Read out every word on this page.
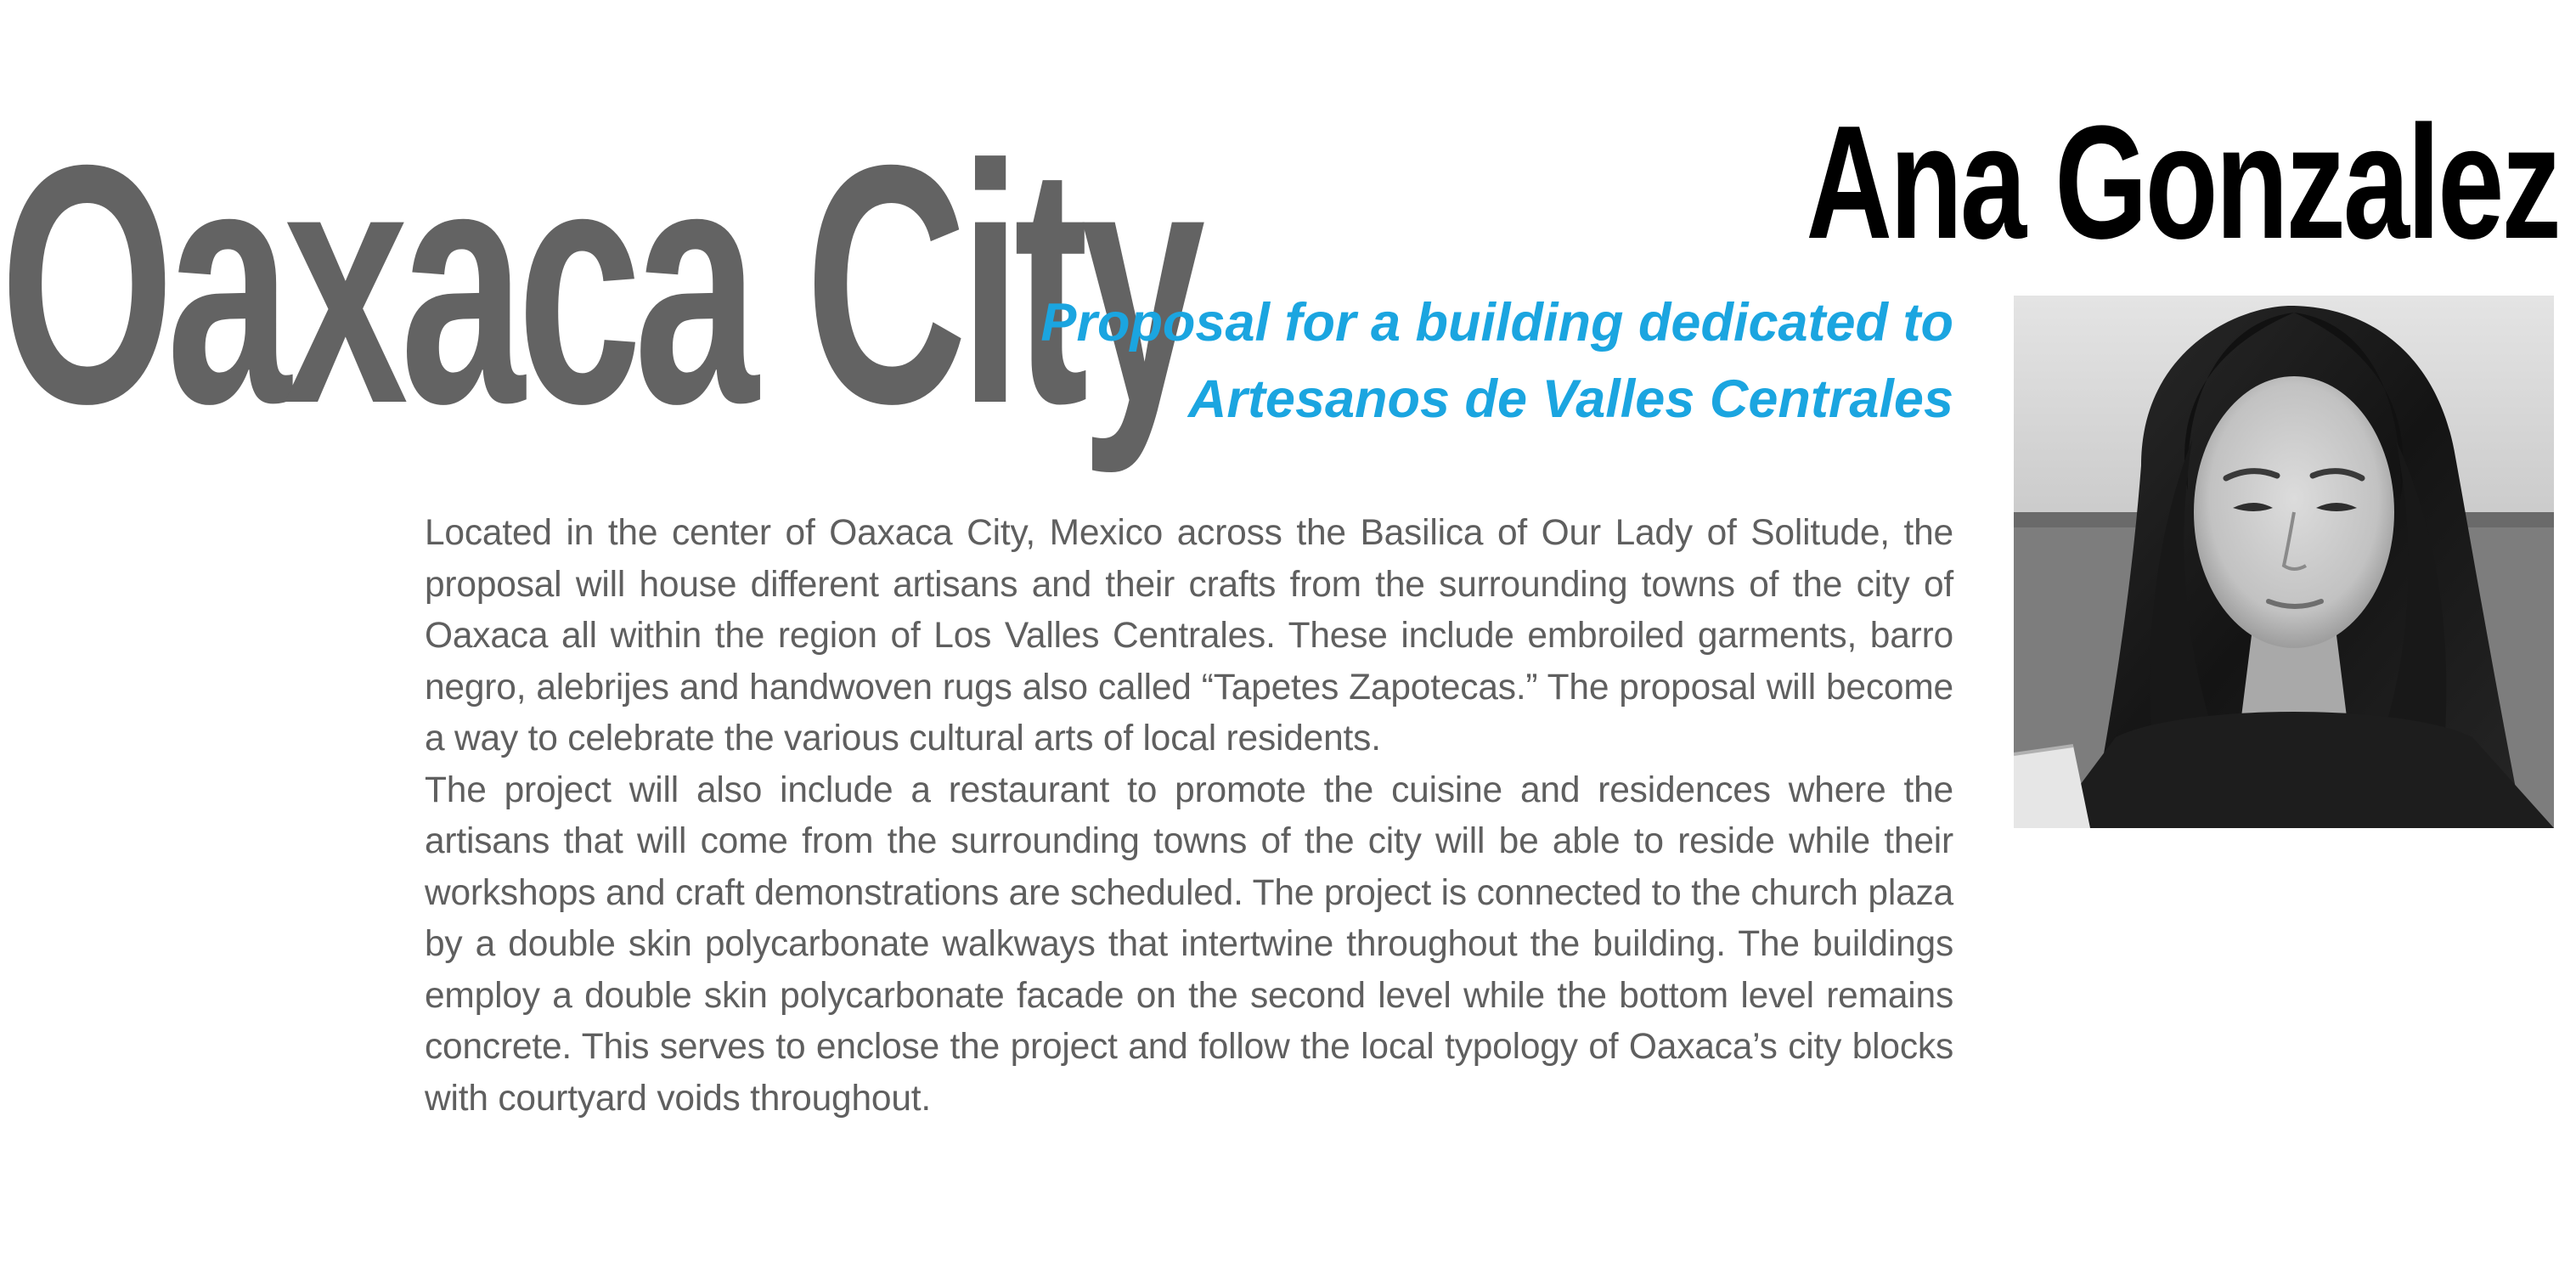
Oaxaca City	Ana Gonzalez
Proposal for a building dedicated to
Artesanos de Valles Centrales

Located in the center of Oaxaca City, Mexico across the Basilica of Our Lady of Solitude, the proposal will house different artisans and their crafts from the surrounding towns of the city of Oaxaca all within the region of Los Valles Centrales. These include embroiled garments, barro negro, alebrijes and handwoven rugs also called “Tapetes Zapotecas.” The proposal will become a way to celebrate the various cultural arts of local residents.

The project will also include a restaurant to promote the cuisine and residences where the artisans that will come from the surrounding towns of the city will be able to reside while their workshops and craft demonstrations are scheduled. The project is connected to the church plaza by a double skin polycarbonate walkways that intertwine throughout the building. The buildings employ a double skin polycarbonate facade on the second level while the bottom level remains concrete. This serves to enclose the project and follow the local typology of Oaxaca’s city blocks with courtyard voids throughout.
